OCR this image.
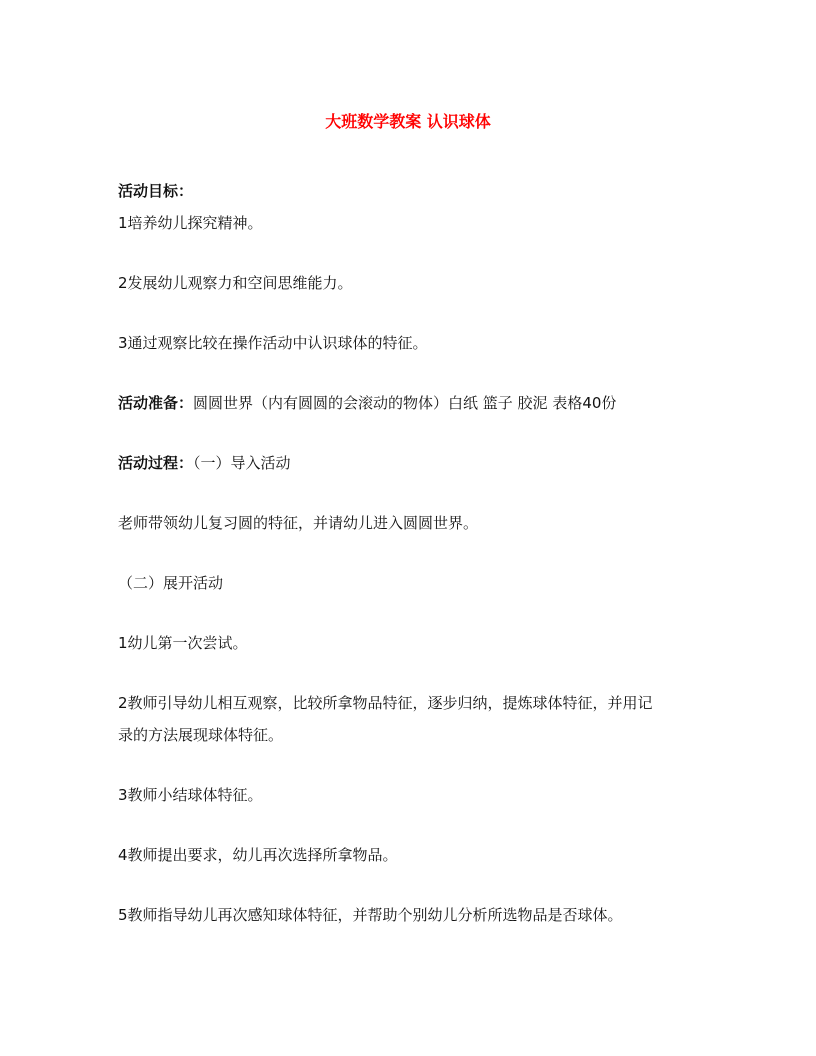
大班数学教案 认识球体
活动目标：
1培养幼儿探究精神。
2发展幼儿观察力和空间思维能力。
3通过观察比较在操作活动中认识球体的特征。
活动准备：圆圆世界（内有圆圆的会滚动的物体）白纸 篮子 胶泥 表格40份
活动过程：（一）导入活动
老师带领幼儿复习圆的特征，并请幼儿进入圆圆世界。
（二）展开活动
1幼儿第一次尝试。
2教师引导幼儿相互观察，比较所拿物品特征，逐步归纳，提炼球体特征，并用记
录的方法展现球体特征。
3教师小结球体特征。
4教师提出要求，幼儿再次选择所拿物品。
5教师指导幼儿再次感知球体特征，并帮助个别幼儿分析所选物品是否球体。
